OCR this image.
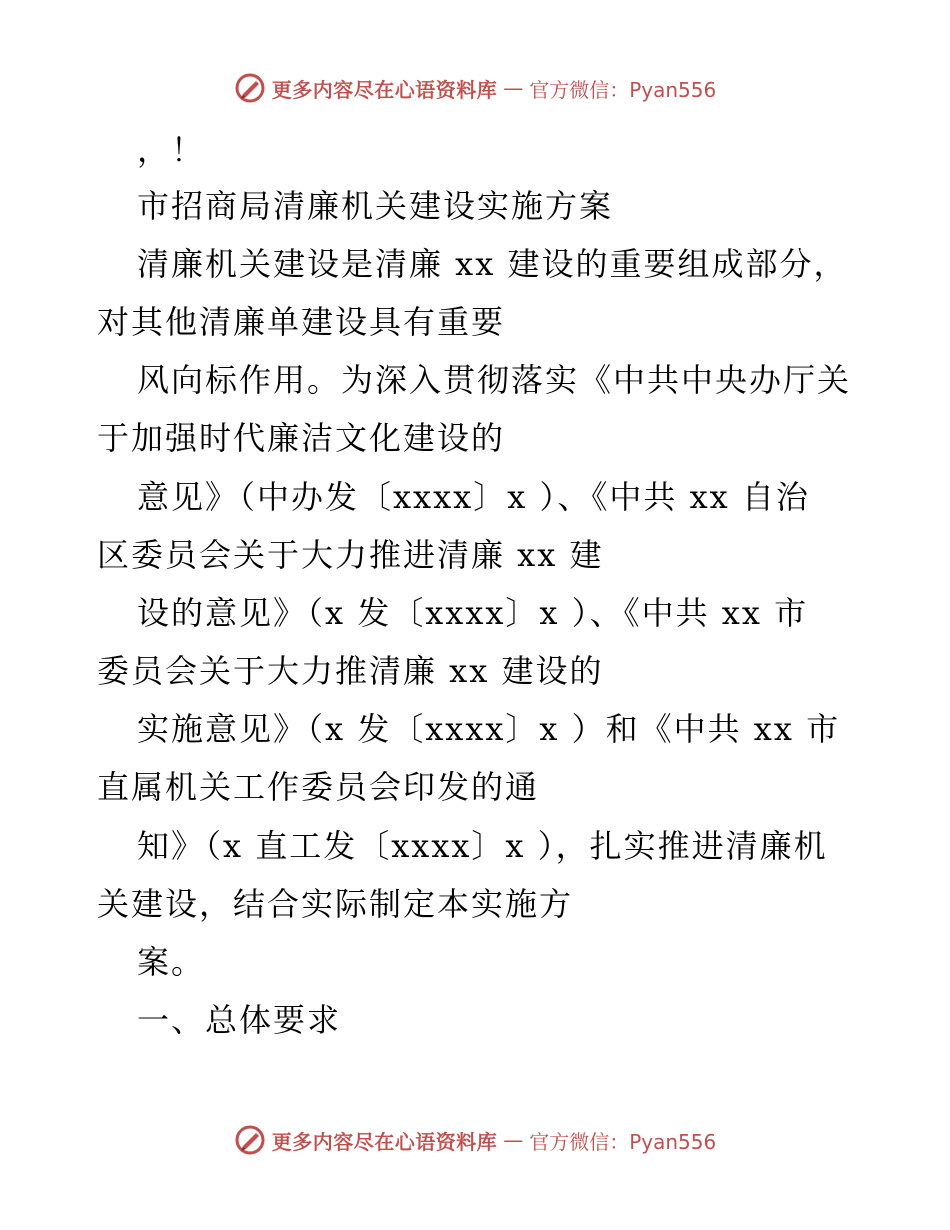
更多内容尽在心语资料库 — 官方微信：Pyan556
，！
市招商局清廉机关建设实施方案
清廉机关建设是清廉 xx 建设的重要组成部分，
对其他清廉单建设具有重要
风向标作用。为深入贯彻落实《中共中央办厅关
于加强时代廉洁文化建设的
意见》（中办发〔xxxx〕x ）、《中共 xx 自治
区委员会关于大力推进清廉 xx 建
设的意见》（x 发〔xxxx〕x ）、《中共 xx 市
委员会关于大力推清廉 xx 建设的
实施意见》（x 发〔xxxx〕x ）和《中共 xx 市
直属机关工作委员会印发的通
知》（x 直工发〔xxxx〕x ），扎实推进清廉机
关建设，结合实际制定本实施方
案。
一、总体要求
更多内容尽在心语资料库 — 官方微信：Pyan556
